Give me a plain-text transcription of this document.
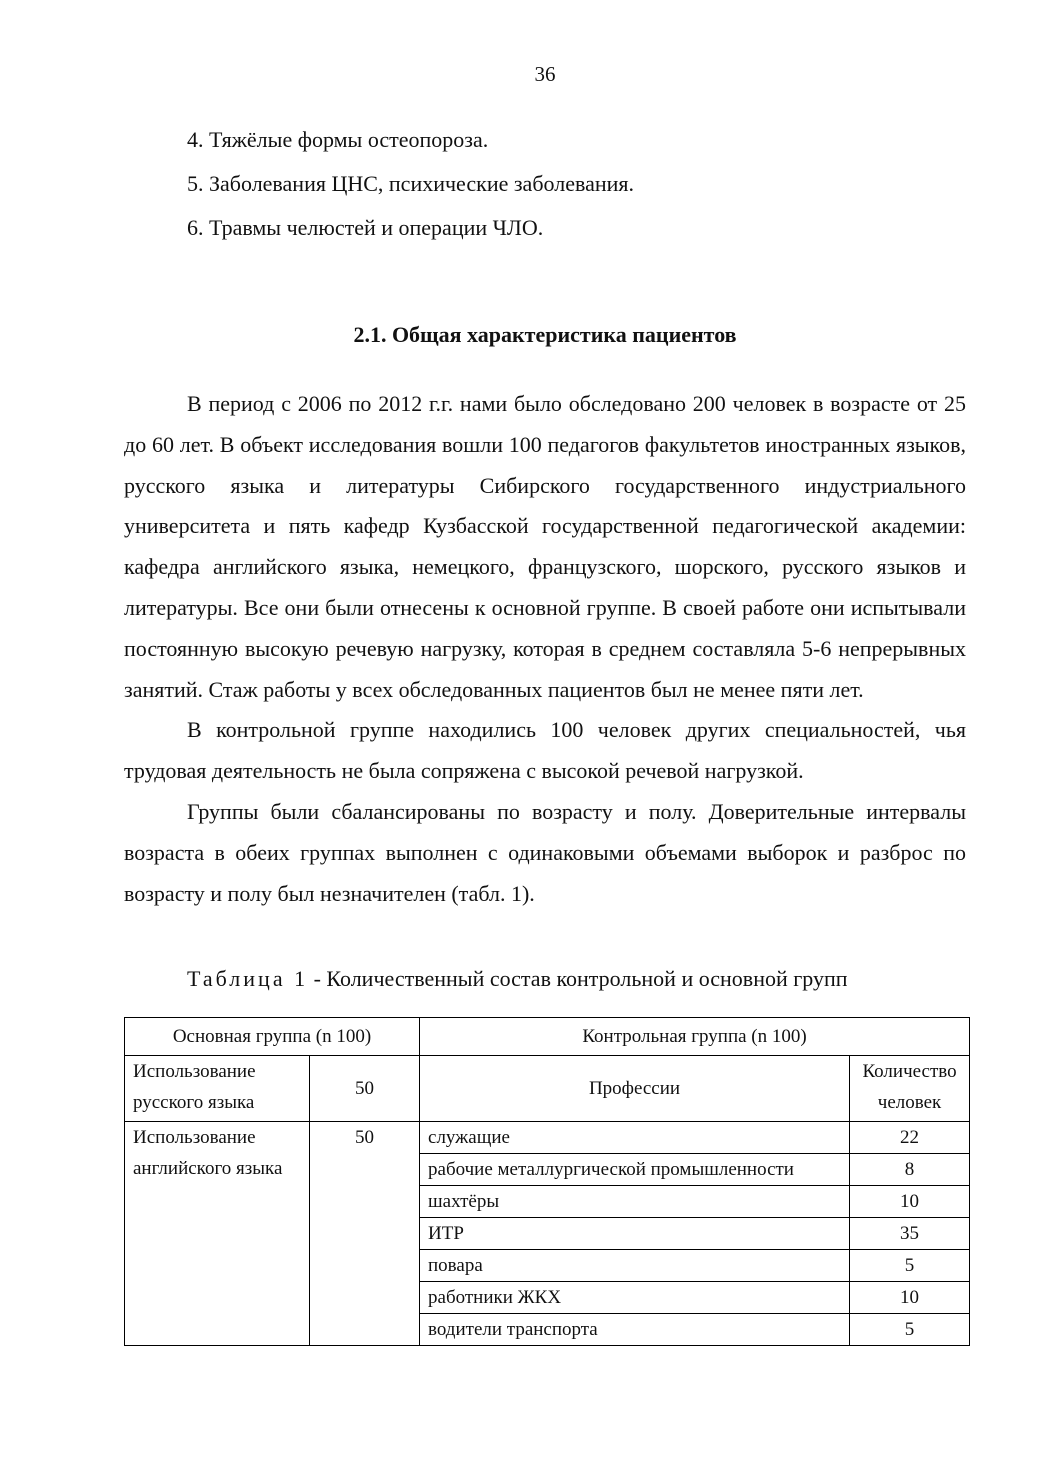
36
4. Тяжёлые формы остеопороза.
5. Заболевания ЦНС, психические заболевания.
6. Травмы челюстей и операции ЧЛО.
2.1. Общая характеристика пациентов

В период с 2006 по 2012 г.г. нами было обследовано 200 человек в возрасте от 25 до 60 лет. В объект исследования вошли 100 педагогов факультетов иностранных языков, русского языка и литературы Сибирского государственного индустриального университета и пять кафедр Кузбасской государственной педагогической академии: кафедра английского языка, немецкого, французского, шорского, русского языков и литературы. Все они были отнесены к основной группе. В своей работе они испытывали постоянную высокую речевую нагрузку, которая в среднем составляла 5-6 непрерывных занятий. Стаж работы у всех обследованных пациентов был не менее пяти лет.

В контрольной группе находились 100 человек других специальностей, чья трудовая деятельность не была сопряжена с высокой речевой нагрузкой.

Группы были сбалансированы по возрасту и полу. Доверительные интервалы возраста в обеих группах выполнен с одинаковыми объемами выборок и разброс по возрасту и полу был незначителен (табл. 1).

Таблица 1 - Количественный состав контрольной и основной групп
Основная группа (n 100)		Контрольная группа (n 100)	
Использование русского языка	50	Профессии	Количество человек
Использование английского языка	50	служащие	22
		рабочие металлургической промышленности	8
		шахтёры	10
		ИТР	35
		повара	5
		работники ЖКХ	10
		водители транспорта	5
